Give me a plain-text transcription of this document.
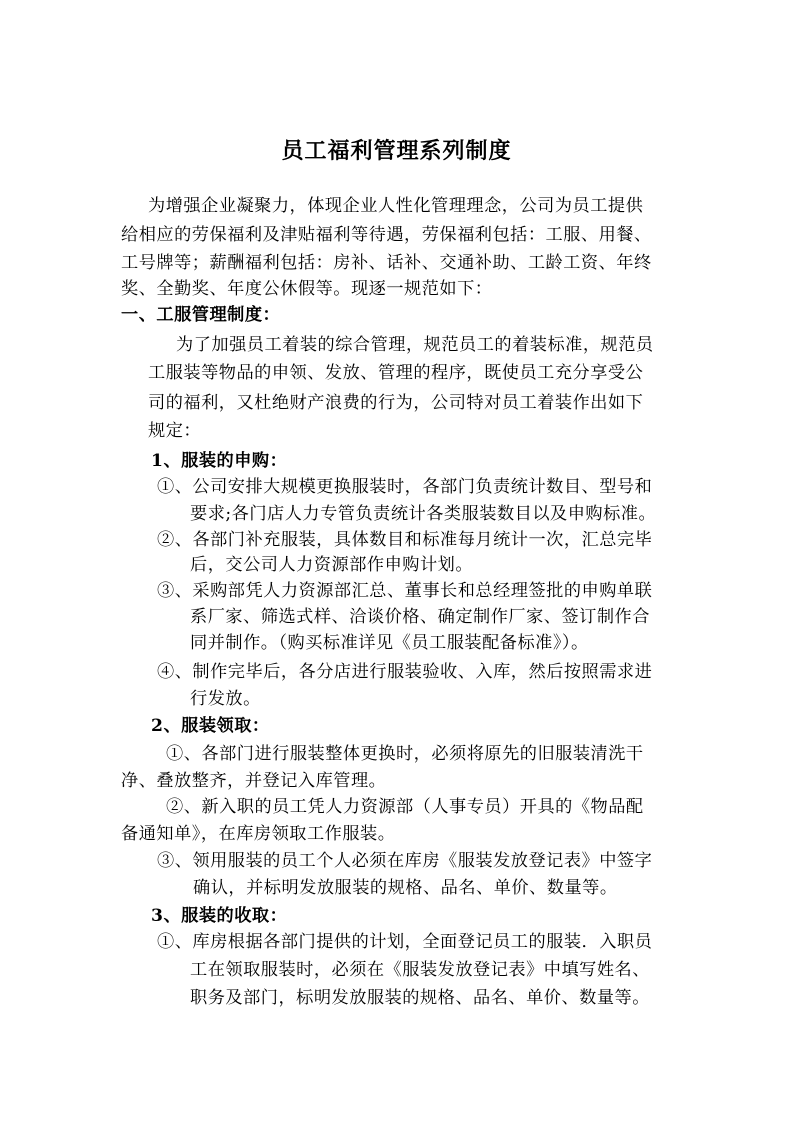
员工福利管理系列制度
为增强企业凝聚力，体现企业人性化管理理念，公司为员工提供
给相应的劳保福利及津贴福利等待遇，劳保福利包括：工服、用餐、
工号牌等；薪酬福利包括：房补、话补、交通补助、工龄工资、年终
奖、全勤奖、年度公休假等。现逐一规范如下：
一、工服管理制度：
为了加强员工着装的综合管理，规范员工的着装标准，规范员
工服装等物品的申领、发放、管理的程序，既使员工充分享受公
司的福利，又杜绝财产浪费的行为，公司特对员工着装作出如下
规定：
1、服装的申购：
①、公司安排大规模更换服装时，各部门负责统计数目、型号和
要求;各门店人力专管负责统计各类服装数目以及申购标准。
②、各部门补充服装，具体数目和标准每月统计一次，汇总完毕
后，交公司人力资源部作申购计划。
③、采购部凭人力资源部汇总、董事长和总经理签批的申购单联
系厂家、筛选式样、洽谈价格、确定制作厂家、签订制作合
同并制作。（购买标准详见《员工服装配备标准》）。
④、制作完毕后，各分店进行服装验收、入库，然后按照需求进
行发放。
2、服装领取：
①、各部门进行服装整体更换时，必须将原先的旧服装清洗干
净、叠放整齐，并登记入库管理。
②、新入职的员工凭人力资源部（人事专员）开具的《物品配
备通知单》，在库房领取工作服装。
③、领用服装的员工个人必须在库房《服装发放登记表》中签字
确认，并标明发放服装的规格、品名、单价、数量等。
3、服装的收取：
①、库房根据各部门提供的计划，全面登记员工的服装．入职员
工在领取服装时，必须在《服装发放登记表》中填写姓名、
职务及部门，标明发放服装的规格、品名、单价、数量等。
